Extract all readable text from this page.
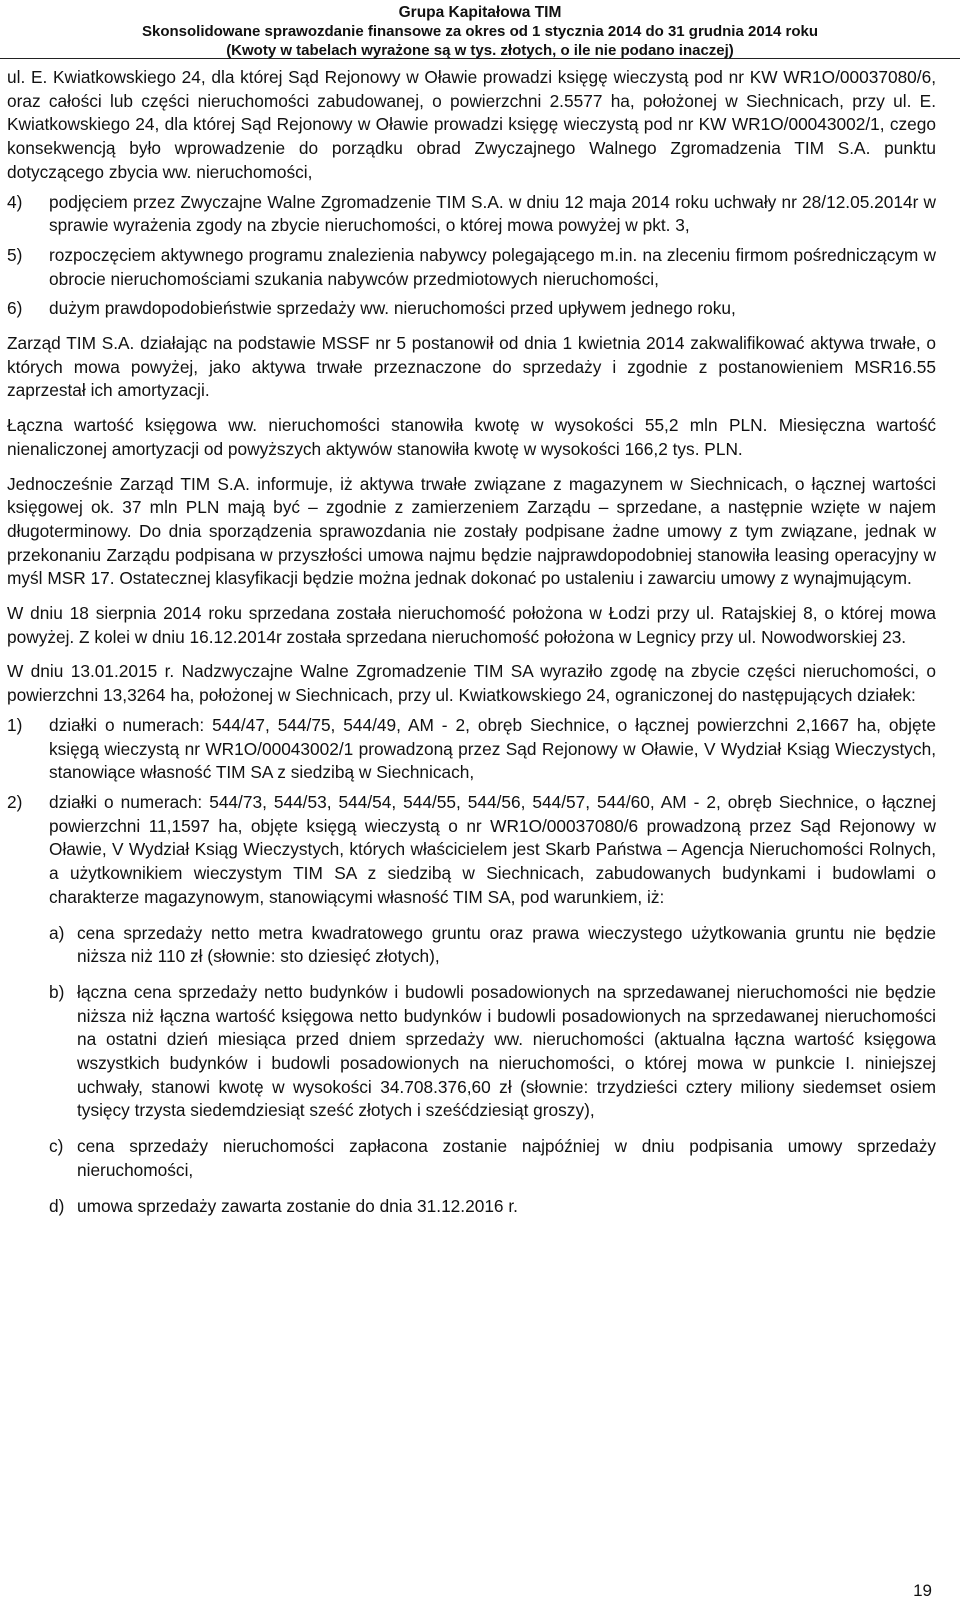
Grupa Kapitałowa TIM
Skonsolidowane sprawozdanie finansowe za okres od 1 stycznia 2014 do 31 grudnia 2014 roku
(Kwoty w tabelach wyrażone są w tys. złotych, o ile nie podano inaczej)

ul. E. Kwiatkowskiego 24, dla której Sąd Rejonowy w Oławie prowadzi księgę wieczystą pod nr KW WR1O/00037080/6, oraz całości lub części nieruchomości zabudowanej, o powierzchni 2.5577 ha, położonej w Siechnicach, przy ul. E. Kwiatkowskiego 24, dla której Sąd Rejonowy w Oławie prowadzi księgę wieczystą pod nr KW WR1O/00043002/1, czego konsekwencją było wprowadzenie do porządku obrad Zwyczajnego Walnego Zgromadzenia TIM S.A. punktu dotyczącego zbycia ww. nieruchomości,

4)	podjęciem przez Zwyczajne Walne Zgromadzenie TIM S.A. w dniu 12 maja 2014 roku uchwały nr 28/12.05.2014r w sprawie wyrażenia zgody na zbycie nieruchomości, o której mowa powyżej w pkt. 3,
5)	rozpoczęciem aktywnego programu znalezienia nabywcy polegającego m.in. na zleceniu firmom pośredniczącym w obrocie nieruchomościami szukania nabywców przedmiotowych nieruchomości,
6)	dużym prawdopodobieństwie sprzedaży ww. nieruchomości przed upływem jednego roku,

Zarząd TIM S.A. działając na podstawie MSSF nr 5 postanowił od dnia 1 kwietnia 2014 zakwalifikować aktywa trwałe, o których mowa powyżej, jako aktywa trwałe przeznaczone do sprzedaży i zgodnie z postanowieniem MSR16.55 zaprzestał ich amortyzacji.

Łączna wartość księgowa ww. nieruchomości stanowiła kwotę w wysokości 55,2 mln PLN. Miesięczna wartość nienaliczonej amortyzacji od powyższych aktywów stanowiła kwotę w wysokości 166,2 tys. PLN.

Jednocześnie Zarząd TIM S.A. informuje, iż aktywa trwałe związane z magazynem w Siechnicach, o łącznej wartości księgowej ok. 37 mln PLN mają być – zgodnie z zamierzeniem Zarządu – sprzedane, a następnie wzięte w najem długoterminowy. Do dnia sporządzenia sprawozdania nie zostały podpisane żadne umowy z tym związane, jednak w przekonaniu Zarządu podpisana w przyszłości umowa najmu będzie najprawdopodobniej stanowiła leasing operacyjny w myśl MSR 17. Ostatecznej klasyfikacji będzie można jednak dokonać po ustaleniu i zawarciu umowy z wynajmującym.

W dniu 18 sierpnia 2014 roku sprzedana została nieruchomość położona w Łodzi przy ul. Ratajskiej 8, o której mowa powyżej. Z kolei w dniu 16.12.2014r została sprzedana nieruchomość położona w Legnicy przy ul. Nowodworskiej 23.

W dniu 13.01.2015 r. Nadzwyczajne Walne Zgromadzenie TIM SA wyraziło zgodę na zbycie części nieruchomości, o powierzchni 13,3264 ha, położonej w Siechnicach, przy ul. Kwiatkowskiego 24, ograniczonej do następujących działek:

1)	działki o numerach: 544/47, 544/75, 544/49, AM - 2, obręb Siechnice, o łącznej powierzchni 2,1667 ha, objęte księgą wieczystą nr WR1O/00043002/1 prowadzoną przez Sąd Rejonowy w Oławie, V Wydział Ksiąg Wieczystych, stanowiące własność TIM SA z siedzibą w Siechnicach,
2)	działki o numerach: 544/73, 544/53, 544/54, 544/55, 544/56, 544/57, 544/60, AM - 2, obręb Siechnice, o łącznej powierzchni 11,1597 ha, objęte księgą wieczystą o nr WR1O/00037080/6 prowadzoną przez Sąd Rejonowy w Oławie, V Wydział Ksiąg Wieczystych, których właścicielem jest Skarb Państwa – Agencja Nieruchomości Rolnych, a użytkownikiem wieczystym TIM SA z siedzibą w Siechnicach, zabudowanych budynkami i budowlami o charakterze magazynowym, stanowiącymi własność TIM SA, pod warunkiem, iż:
a) cena sprzedaży netto metra kwadratowego gruntu oraz prawa wieczystego użytkowania gruntu nie będzie niższa niż 110 zł (słownie: sto dziesięć złotych),
b) łączna cena sprzedaży netto budynków i budowli posadowionych na sprzedawanej nieruchomości nie będzie niższa niż łączna wartość księgowa netto budynków i budowli posadowionych na sprzedawanej nieruchomości na ostatni dzień miesiąca przed dniem sprzedaży ww. nieruchomości (aktualna łączna wartość księgowa wszystkich budynków i budowli posadowionych na nieruchomości, o której mowa w punkcie I. niniejszej uchwały, stanowi kwotę w wysokości 34.708.376,60 zł (słownie: trzydzieści cztery miliony siedemset osiem tysięcy trzysta siedemdziesiąt sześć złotych i sześćdziesiąt groszy),
c) cena sprzedaży nieruchomości zapłacona zostanie najpóźniej w dniu podpisania umowy sprzedaży nieruchomości,
d) umowa sprzedaży zawarta zostanie do dnia 31.12.2016 r.
19
